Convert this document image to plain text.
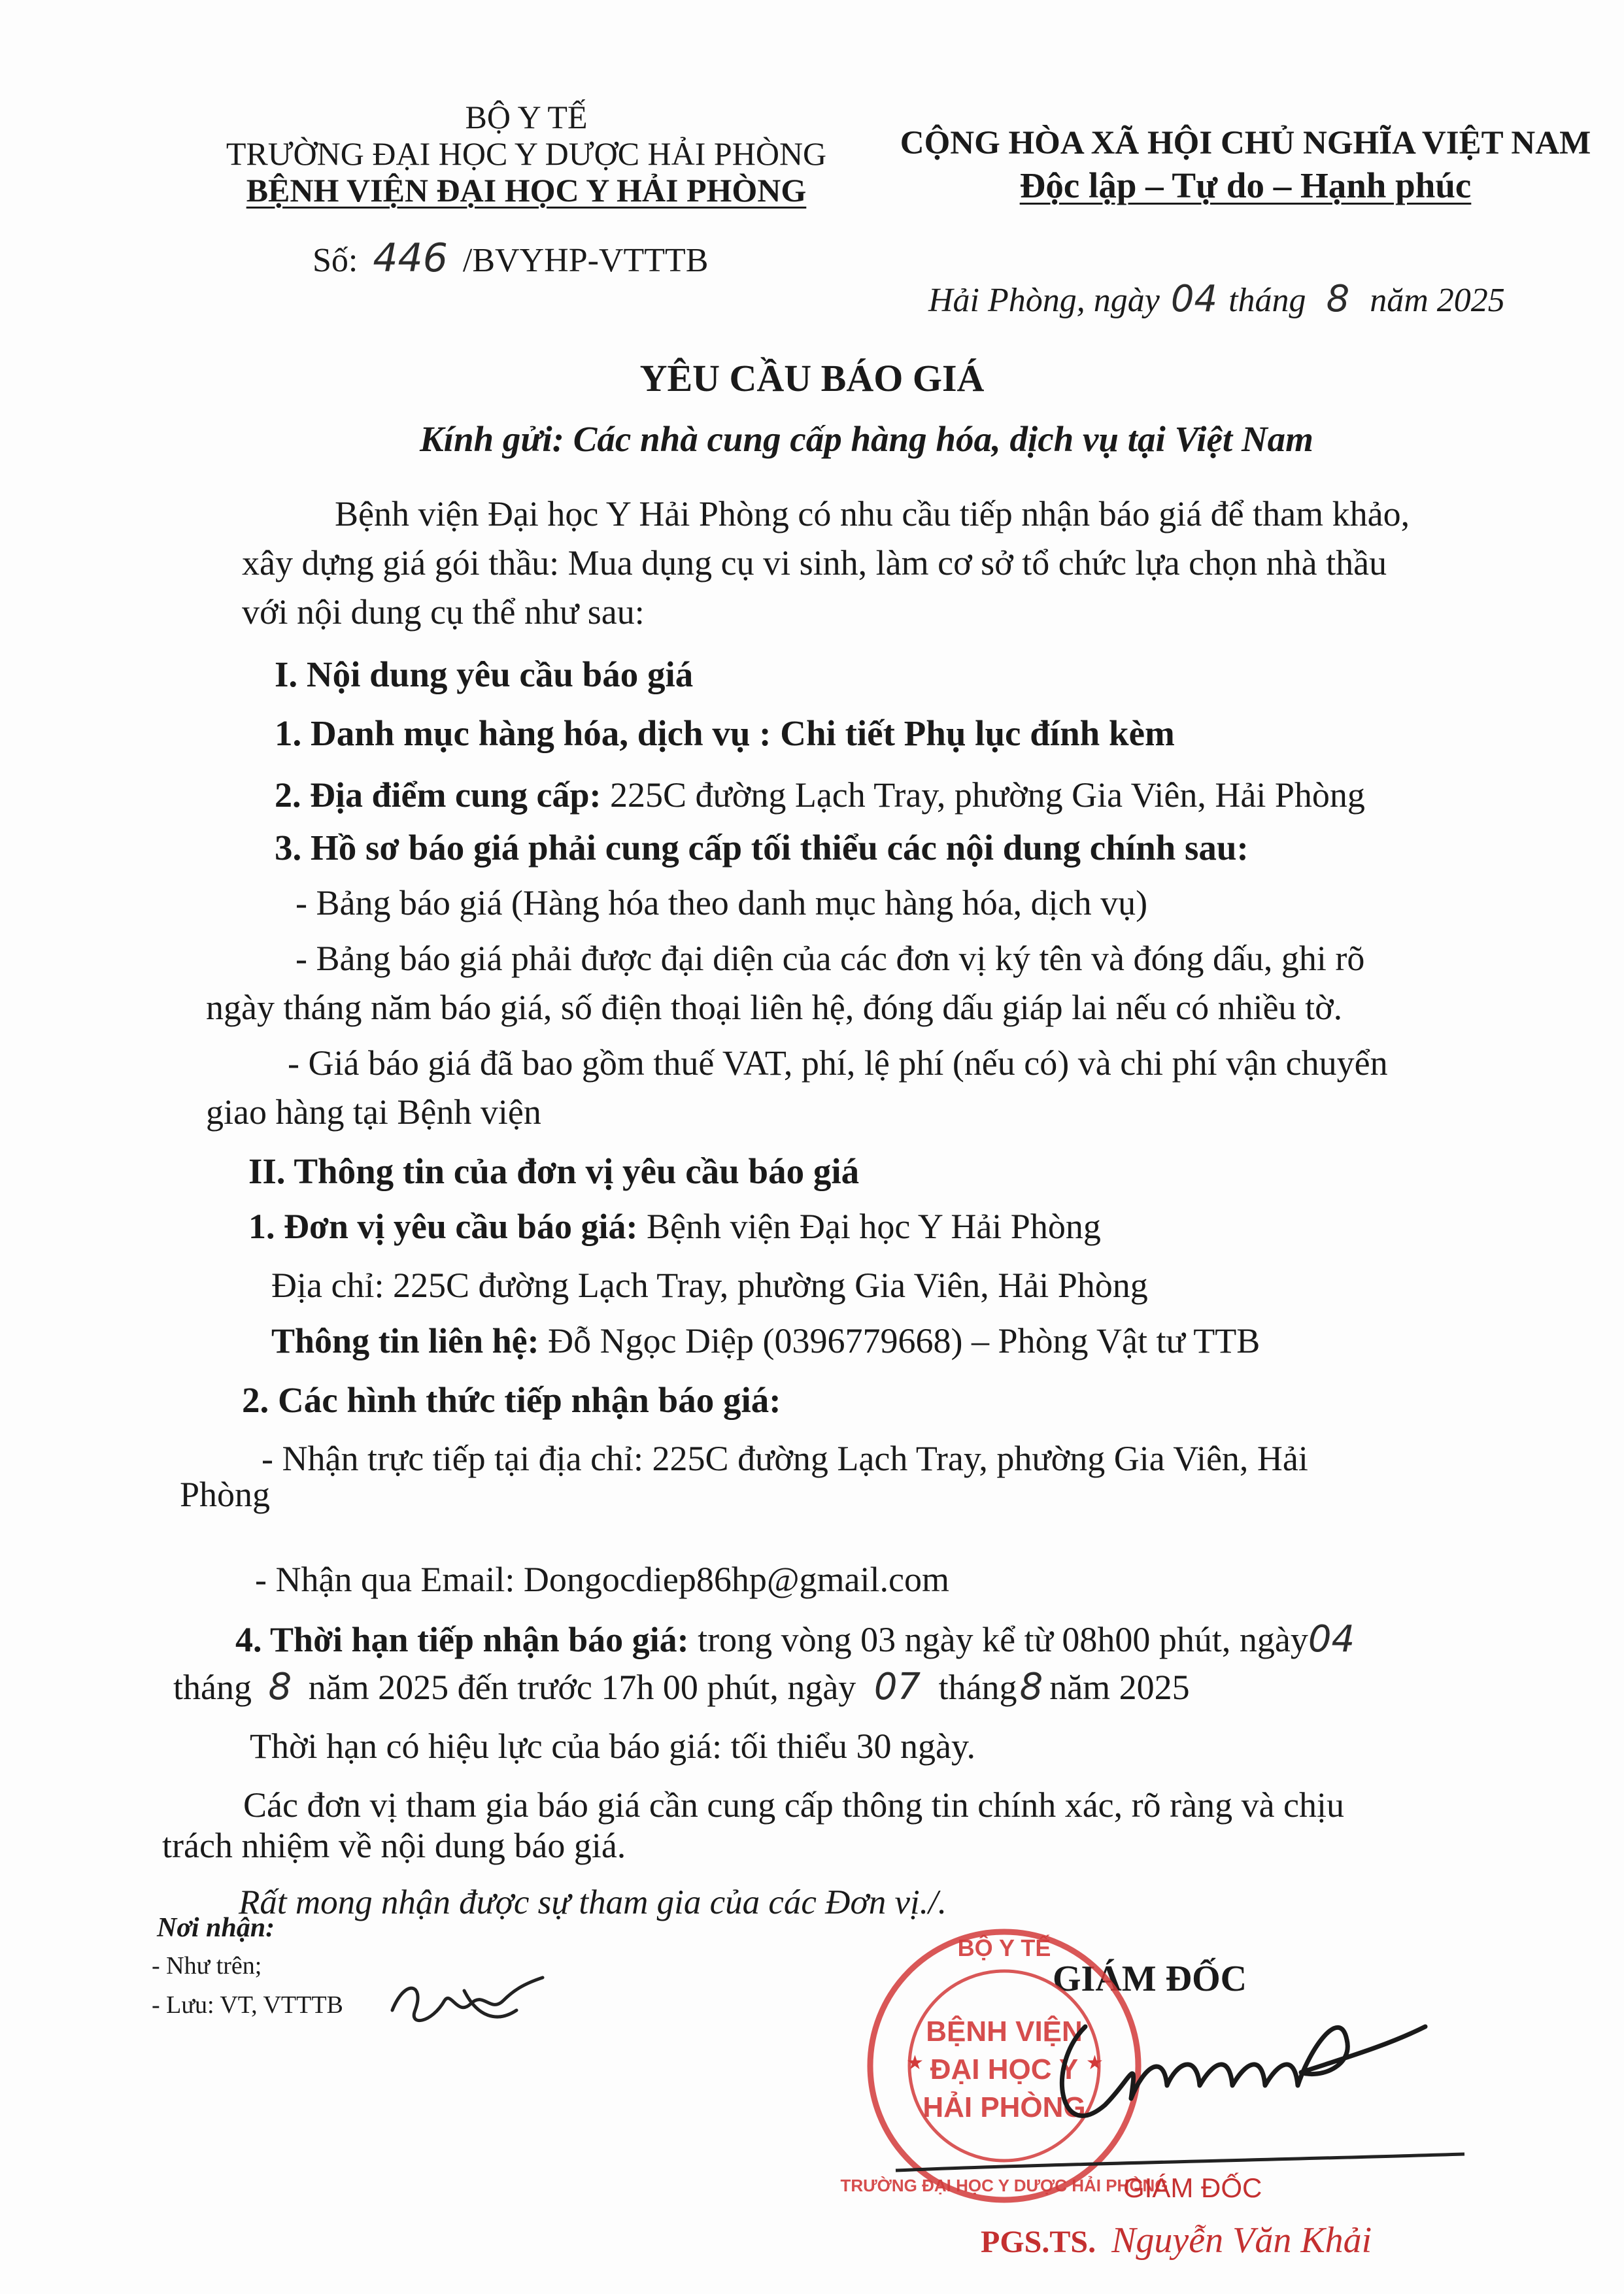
BỘ Y TẾ
TRƯỜNG ĐẠI HỌC Y DƯỢC HẢI PHÒNG
BỆNH VIỆN ĐẠI HỌC Y HẢI PHÒNG
Số: 446 /BVYHP-VTTTB
CỘNG HÒA XÃ HỘI CHỦ NGHĨA VIỆT NAM
Độc lập – Tự do – Hạnh phúc
Hải Phòng, ngày 04 tháng 8 năm 2025
YÊU CẦU BÁO GIÁ
Kính gửi: Các nhà cung cấp hàng hóa, dịch vụ tại Việt Nam
Bệnh viện Đại học Y Hải Phòng có nhu cầu tiếp nhận báo giá để tham khảo,
xây dựng giá gói thầu: Mua dụng cụ vi sinh, làm cơ sở tổ chức lựa chọn nhà thầu
với nội dung cụ thể như sau:
I. Nội dung yêu cầu báo giá
1. Danh mục hàng hóa, dịch vụ : Chi tiết Phụ lục đính kèm
2. Địa điểm cung cấp: 225C đường Lạch Tray, phường Gia Viên, Hải Phòng
3. Hồ sơ báo giá phải cung cấp tối thiểu các nội dung chính sau:
- Bảng báo giá (Hàng hóa theo danh mục hàng hóa, dịch vụ)
- Bảng báo giá phải được đại diện của các đơn vị ký tên và đóng dấu, ghi rõ
ngày tháng năm báo giá, số điện thoại liên hệ, đóng dấu giáp lai nếu có nhiều tờ.
- Giá báo giá đã bao gồm thuế VAT, phí, lệ phí (nếu có) và chi phí vận chuyển
giao hàng tại Bệnh viện
II. Thông tin của đơn vị yêu cầu báo giá
1. Đơn vị yêu cầu báo giá: Bệnh viện Đại học Y Hải Phòng
Địa chỉ: 225C đường Lạch Tray, phường Gia Viên, Hải Phòng
Thông tin liên hệ: Đỗ Ngọc Diệp (0396779668) – Phòng Vật tư TTB
2. Các hình thức tiếp nhận báo giá:
- Nhận trực tiếp tại địa chỉ: 225C đường Lạch Tray, phường Gia Viên, Hải
Phòng
- Nhận qua Email: Dongocdiep86hp@gmail.com
4. Thời hạn tiếp nhận báo giá: trong vòng 03 ngày kể từ 08h00 phút, ngày04
tháng 8 năm 2025 đến trước 17h 00 phút, ngày 07 tháng8 năm 2025
Thời hạn có hiệu lực của báo giá: tối thiểu 30 ngày.
Các đơn vị tham gia báo giá cần cung cấp thông tin chính xác, rõ ràng và chịu
trách nhiệm về nội dung báo giá.
Rất mong nhận được sự tham gia của các Đơn vị./.
Nơi nhận:
- Như trên;
- Lưu: VT, VTTTB
GIÁM ĐỐC
BỘ Y TẾ
BỆNH VIỆN
ĐẠI HỌC Y
HẢI PHÒNG
TRƯỜNG ĐẠI HỌC Y DƯỢC HẢI PHÒNG
★	★
GIÁM ĐỐC
PGS.TS. Nguyễn Văn Khải
